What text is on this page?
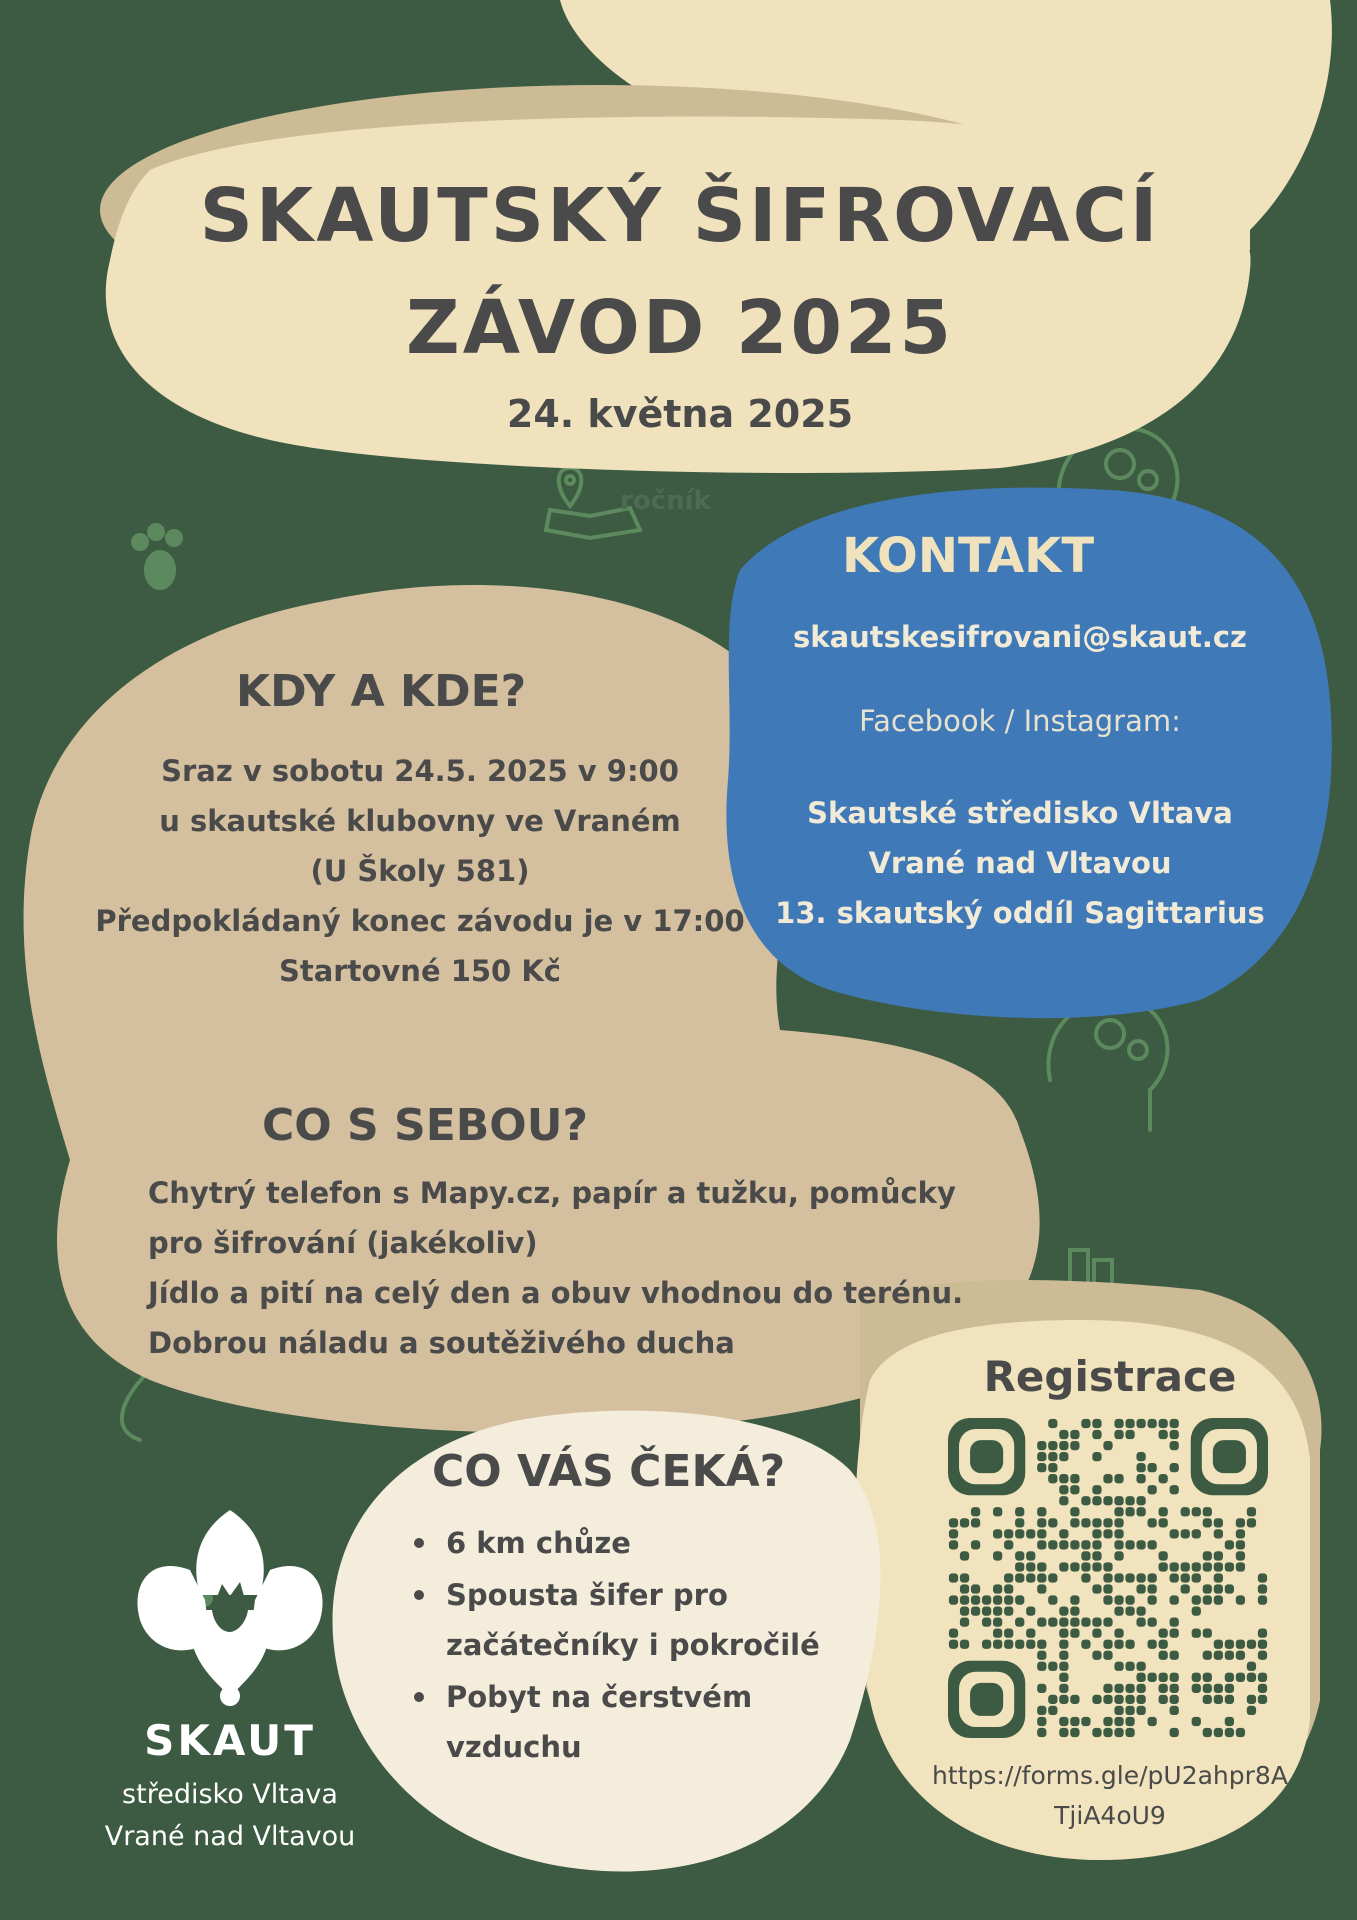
SKAUTSKÝ ŠIFROVACÍ
ZÁVOD 2025
24. května 2025
ročník
KONTAKT
skautskesifrovani@skaut.cz
Facebook / Instagram:
Skautské středisko Vltava
Vrané nad Vltavou
13. skautský oddíl Sagittarius
KDY A KDE?
Sraz v sobotu 24.5. 2025 v 9:00
u skautské klubovny ve Vraném
(U Školy 581)
Předpokládaný konec závodu je v 17:00
Startovné 150 Kč
CO S SEBOU?
Chytrý telefon s Mapy.cz, papír a tužku, pomůcky
pro šifrování (jakékoliv)
Jídlo a pití na celý den a obuv vhodnou do terénu.
Dobrou náladu a soutěživého ducha
CO VÁS ČEKÁ?
6 km chůze
Spousta šifer pro začátečníky i pokročilé
Pobyt na čerstvém vzduchu
Registrace
https://forms.gle/pU2ahpr8ATjiA4oU9
SKAUT
středisko Vltava
Vrané nad Vltavou
